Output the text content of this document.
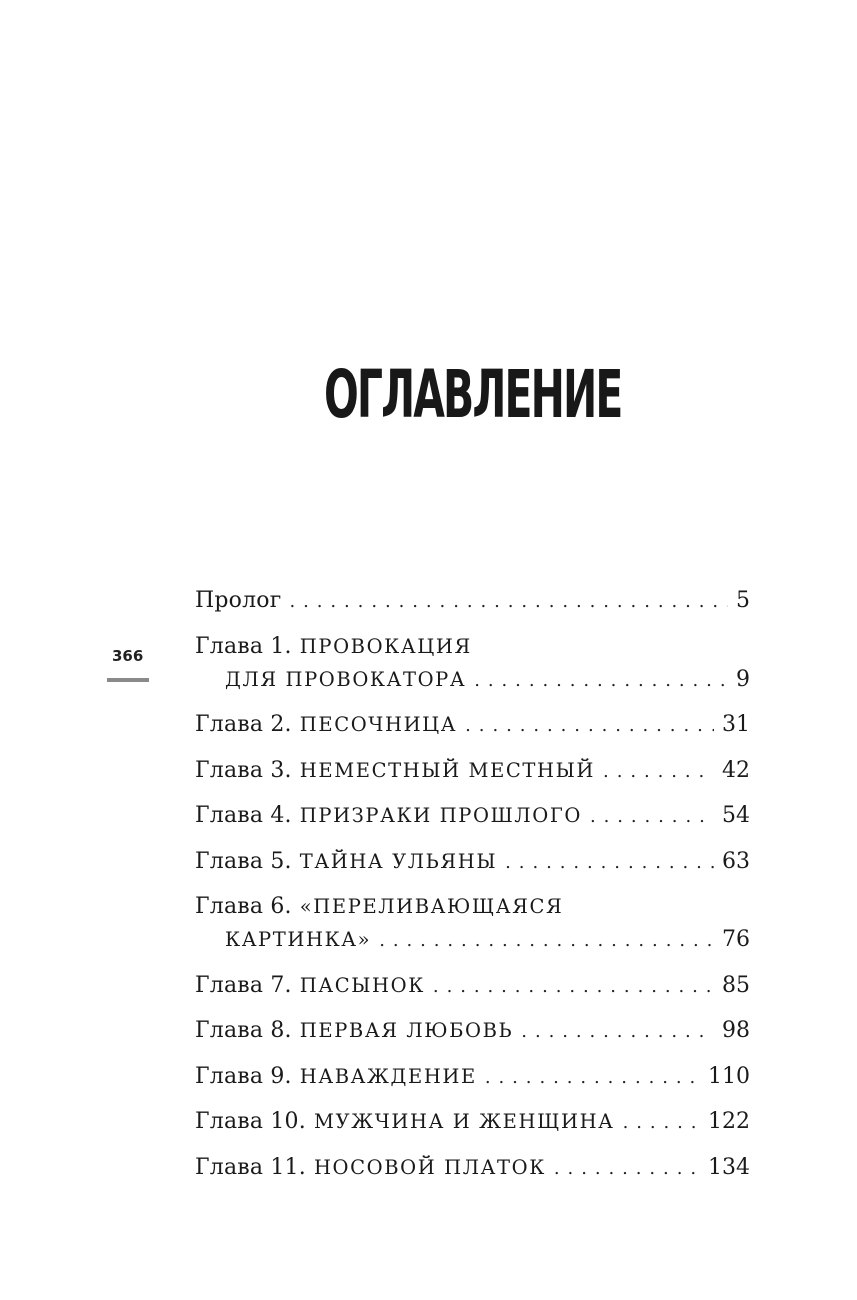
ОГЛАВЛЕНИЕ
366
Пролог . . .	5
Глава 1. ПРОВОКАЦИЯ
ДЛЯ ПРОВОКАТОРА . . .	9
Глава 2. ПЕСОЧНИЦА . . .	31
Глава 3. НЕМЕСТНЫЙ МЕСТНЫЙ . . .	42
Глава 4. ПРИЗРАКИ ПРОШЛОГО . . .	54
Глава 5. ТАЙНА УЛЬЯНЫ . . .	63
Глава 6. «ПЕРЕЛИВАЮЩАЯСЯ
КАРТИНКА» . . .	76
Глава 7. ПАСЫНОК . . .	85
Глава 8. ПЕРВАЯ ЛЮБОВЬ . . .	98
Глава 9. НАВАЖДЕНИЕ . . .	110
Глава 10. МУЖЧИНА И ЖЕНЩИНА . . .	122
Глава 11. НОСОВОЙ ПЛАТОК . . .	134
